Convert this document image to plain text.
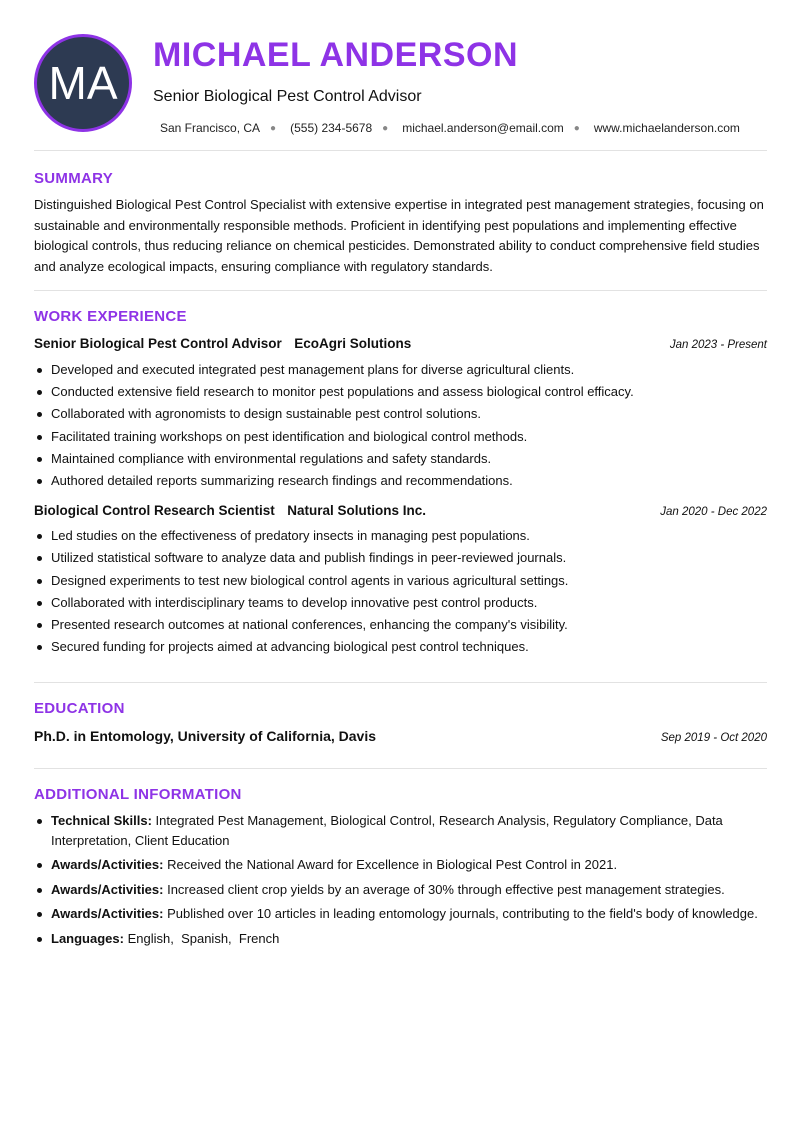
MA
MICHAEL ANDERSON
Senior Biological Pest Control Advisor
San Francisco, CA ● (555) 234-5678 ● michael.anderson@email.com ● www.michaelanderson.com
SUMMARY

Distinguished Biological Pest Control Specialist with extensive expertise in integrated pest management strategies, focusing on sustainable and environmentally responsible methods. Proficient in identifying pest populations and implementing effective biological controls, thus reducing reliance on chemical pesticides. Demonstrated ability to conduct comprehensive field studies and analyze ecological impacts, ensuring compliance with regulatory standards.

WORK EXPERIENCE
Senior Biological Pest Control Advisor EcoAgri Solutions	Jan 2023 - Present
Developed and executed integrated pest management plans for diverse agricultural clients.
Conducted extensive field research to monitor pest populations and assess biological control efficacy.
Collaborated with agronomists to design sustainable pest control solutions.
Facilitated training workshops on pest identification and biological control methods.
Maintained compliance with environmental regulations and safety standards.
Authored detailed reports summarizing research findings and recommendations.
Biological Control Research Scientist Natural Solutions Inc.	Jan 2020 - Dec 2022
Led studies on the effectiveness of predatory insects in managing pest populations.
Utilized statistical software to analyze data and publish findings in peer-reviewed journals.
Designed experiments to test new biological control agents in various agricultural settings.
Collaborated with interdisciplinary teams to develop innovative pest control products.
Presented research outcomes at national conferences, enhancing the company's visibility.
Secured funding for projects aimed at advancing biological pest control techniques.
EDUCATION
Ph.D. in Entomology, University of California, Davis	Sep 2019 - Oct 2020
ADDITIONAL INFORMATION
Technical Skills: Integrated Pest Management, Biological Control, Research Analysis, Regulatory Compliance, Data Interpretation, Client Education
Awards/Activities: Received the National Award for Excellence in Biological Pest Control in 2021.
Awards/Activities: Increased client crop yields by an average of 30% through effective pest management strategies.
Awards/Activities: Published over 10 articles in leading entomology journals, contributing to the field's body of knowledge.
Languages: English,  Spanish,  French
